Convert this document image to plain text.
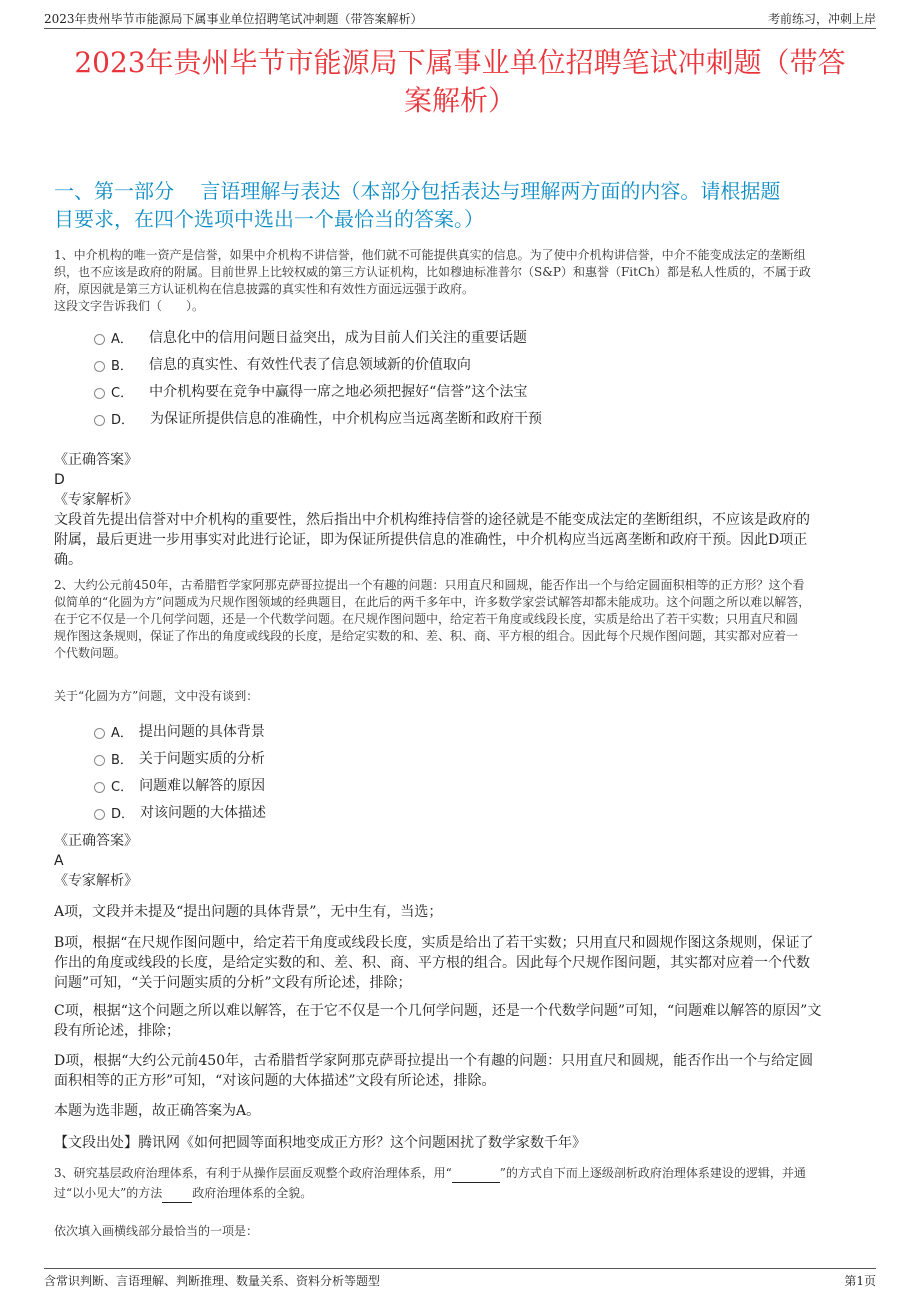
2023年贵州毕节市能源局下属事业单位招聘笔试冲刺题（带答案解析）	考前练习，冲刺上岸
2023年贵州毕节市能源局下属事业单位招聘笔试冲刺题（带答
案解析）
一、第一部分　 言语理解与表达（本部分包括表达与理解两方面的内容。请根据题
目要求，在四个选项中选出一个最恰当的答案。）
1、中介机构的唯一资产是信誉，如果中介机构不讲信誉，他们就不可能提供真实的信息。为了使中介机构讲信誉，中介不能变成法定的垄断组
织，也不应该是政府的附属。目前世界上比较权威的第三方认证机构，比如穆迪标准普尔（S&P）和惠誉（FitCh）都是私人性质的，不属于政
府，原因就是第三方认证机构在信息披露的真实性和有效性方面远远强于政府。
这段文字告诉我们（　　）。
A． 信息化中的信用问题日益突出，成为目前人们关注的重要话题
B． 信息的真实性、有效性代表了信息领域新的价值取向
C． 中介机构要在竞争中赢得一席之地必须把握好“信誉”这个法宝
D． 为保证所提供信息的准确性，中介机构应当远离垄断和政府干预
《正确答案》
D
《专家解析》
文段首先提出信誉对中介机构的重要性，然后指出中介机构维持信誉的途径就是不能变成法定的垄断组织，不应该是政府的
附属，最后更进一步用事实对此进行论证，即为保证所提供信息的准确性，中介机构应当远离垄断和政府干预。因此D项正
确。
2、大约公元前450年，古希腊哲学家阿那克萨哥拉提出一个有趣的问题：只用直尺和圆规，能否作出一个与给定圆面积相等的正方形？这个看
似简单的“化圆为方”问题成为尺规作图领域的经典题目，在此后的两千多年中，许多数学家尝试解答却都未能成功。这个问题之所以难以解答，
在于它不仅是一个几何学问题，还是一个代数学问题。在尺规作图问题中，给定若干角度或线段长度，实质是给出了若干实数；只用直尺和圆
规作图这条规则，保证了作出的角度或线段的长度，是给定实数的和、差、积、商、平方根的组合。因此每个尺规作图问题，其实都对应着一
个代数问题。
关于“化圆为方”问题，文中没有谈到：
A． 提出问题的具体背景
B． 关于问题实质的分析
C． 问题难以解答的原因
D． 对该问题的大体描述
《正确答案》
A
《专家解析》
A项，文段并未提及“提出问题的具体背景”，无中生有，当选；
B项，根据“在尺规作图问题中，给定若干角度或线段长度，实质是给出了若干实数；只用直尺和圆规作图这条规则，保证了
作出的角度或线段的长度，是给定实数的和、差、积、商、平方根的组合。因此每个尺规作图问题，其实都对应着一个代数
问题”可知，“关于问题实质的分析”文段有所论述，排除；
C项，根据“这个问题之所以难以解答，在于它不仅是一个几何学问题，还是一个代数学问题”可知，“问题难以解答的原因”文
段有所论述，排除；
D项，根据“大约公元前450年，古希腊哲学家阿那克萨哥拉提出一个有趣的问题：只用直尺和圆规，能否作出一个与给定圆
面积相等的正方形”可知，“对该问题的大体描述”文段有所论述，排除。
本题为选非题，故正确答案为A。
【文段出处】腾讯网《如何把圆等面积地变成正方形？这个问题困扰了数学家数千年》
3、研究基层政府治理体系，有利于从操作层面反观整个政府治理体系，用“	”的方式自下而上逐级剖析政府治理体系建设的逻辑，并通
过“以小见大”的方法	政府治理体系的全貌。
依次填入画横线部分最恰当的一项是：
含常识判断、言语理解、判断推理、数量关系、资料分析等题型	第1页
